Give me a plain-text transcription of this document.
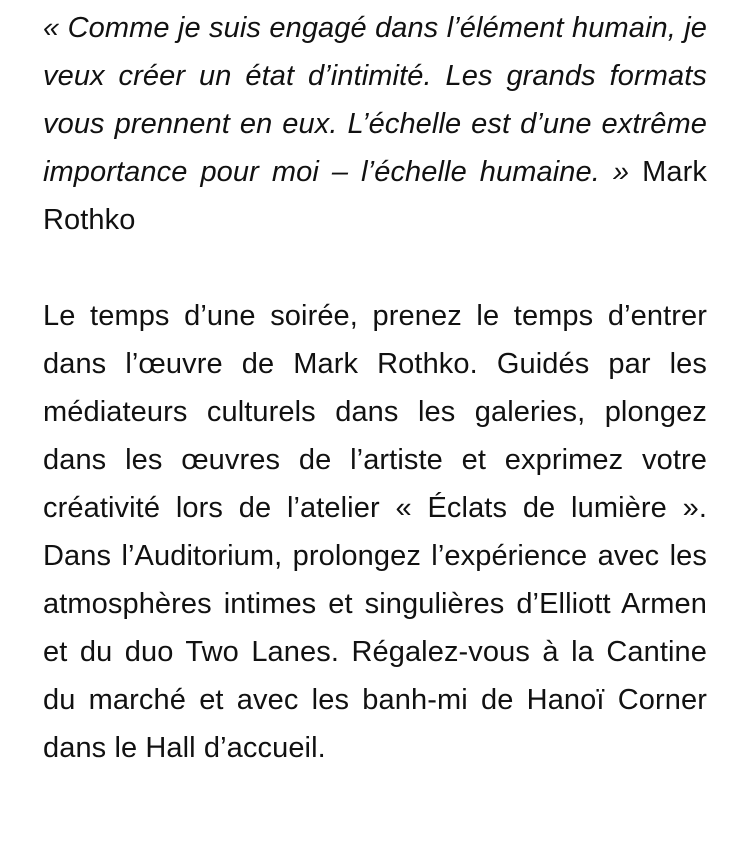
« Comme je suis engagé dans l’élément humain, je veux créer un état d’intimité. Les grands formats vous prennent en eux. L’échelle est d’une extrême importance pour moi – l’échelle humaine. » Mark Rothko

Le temps d’une soirée, prenez le temps d’entrer dans l’œuvre de Mark Rothko. Guidés par les médiateurs culturels dans les galeries, plongez dans les œuvres de l’artiste et exprimez votre créativité lors de l’atelier « Éclats de lumière ». Dans l’Auditorium, prolongez l’expérience avec les atmosphères intimes et singulières d’Elliott Armen et du duo Two Lanes. Régalez-vous à la Cantine du marché et avec les banh-mi de Hanoï Corner dans le Hall d’accueil.
